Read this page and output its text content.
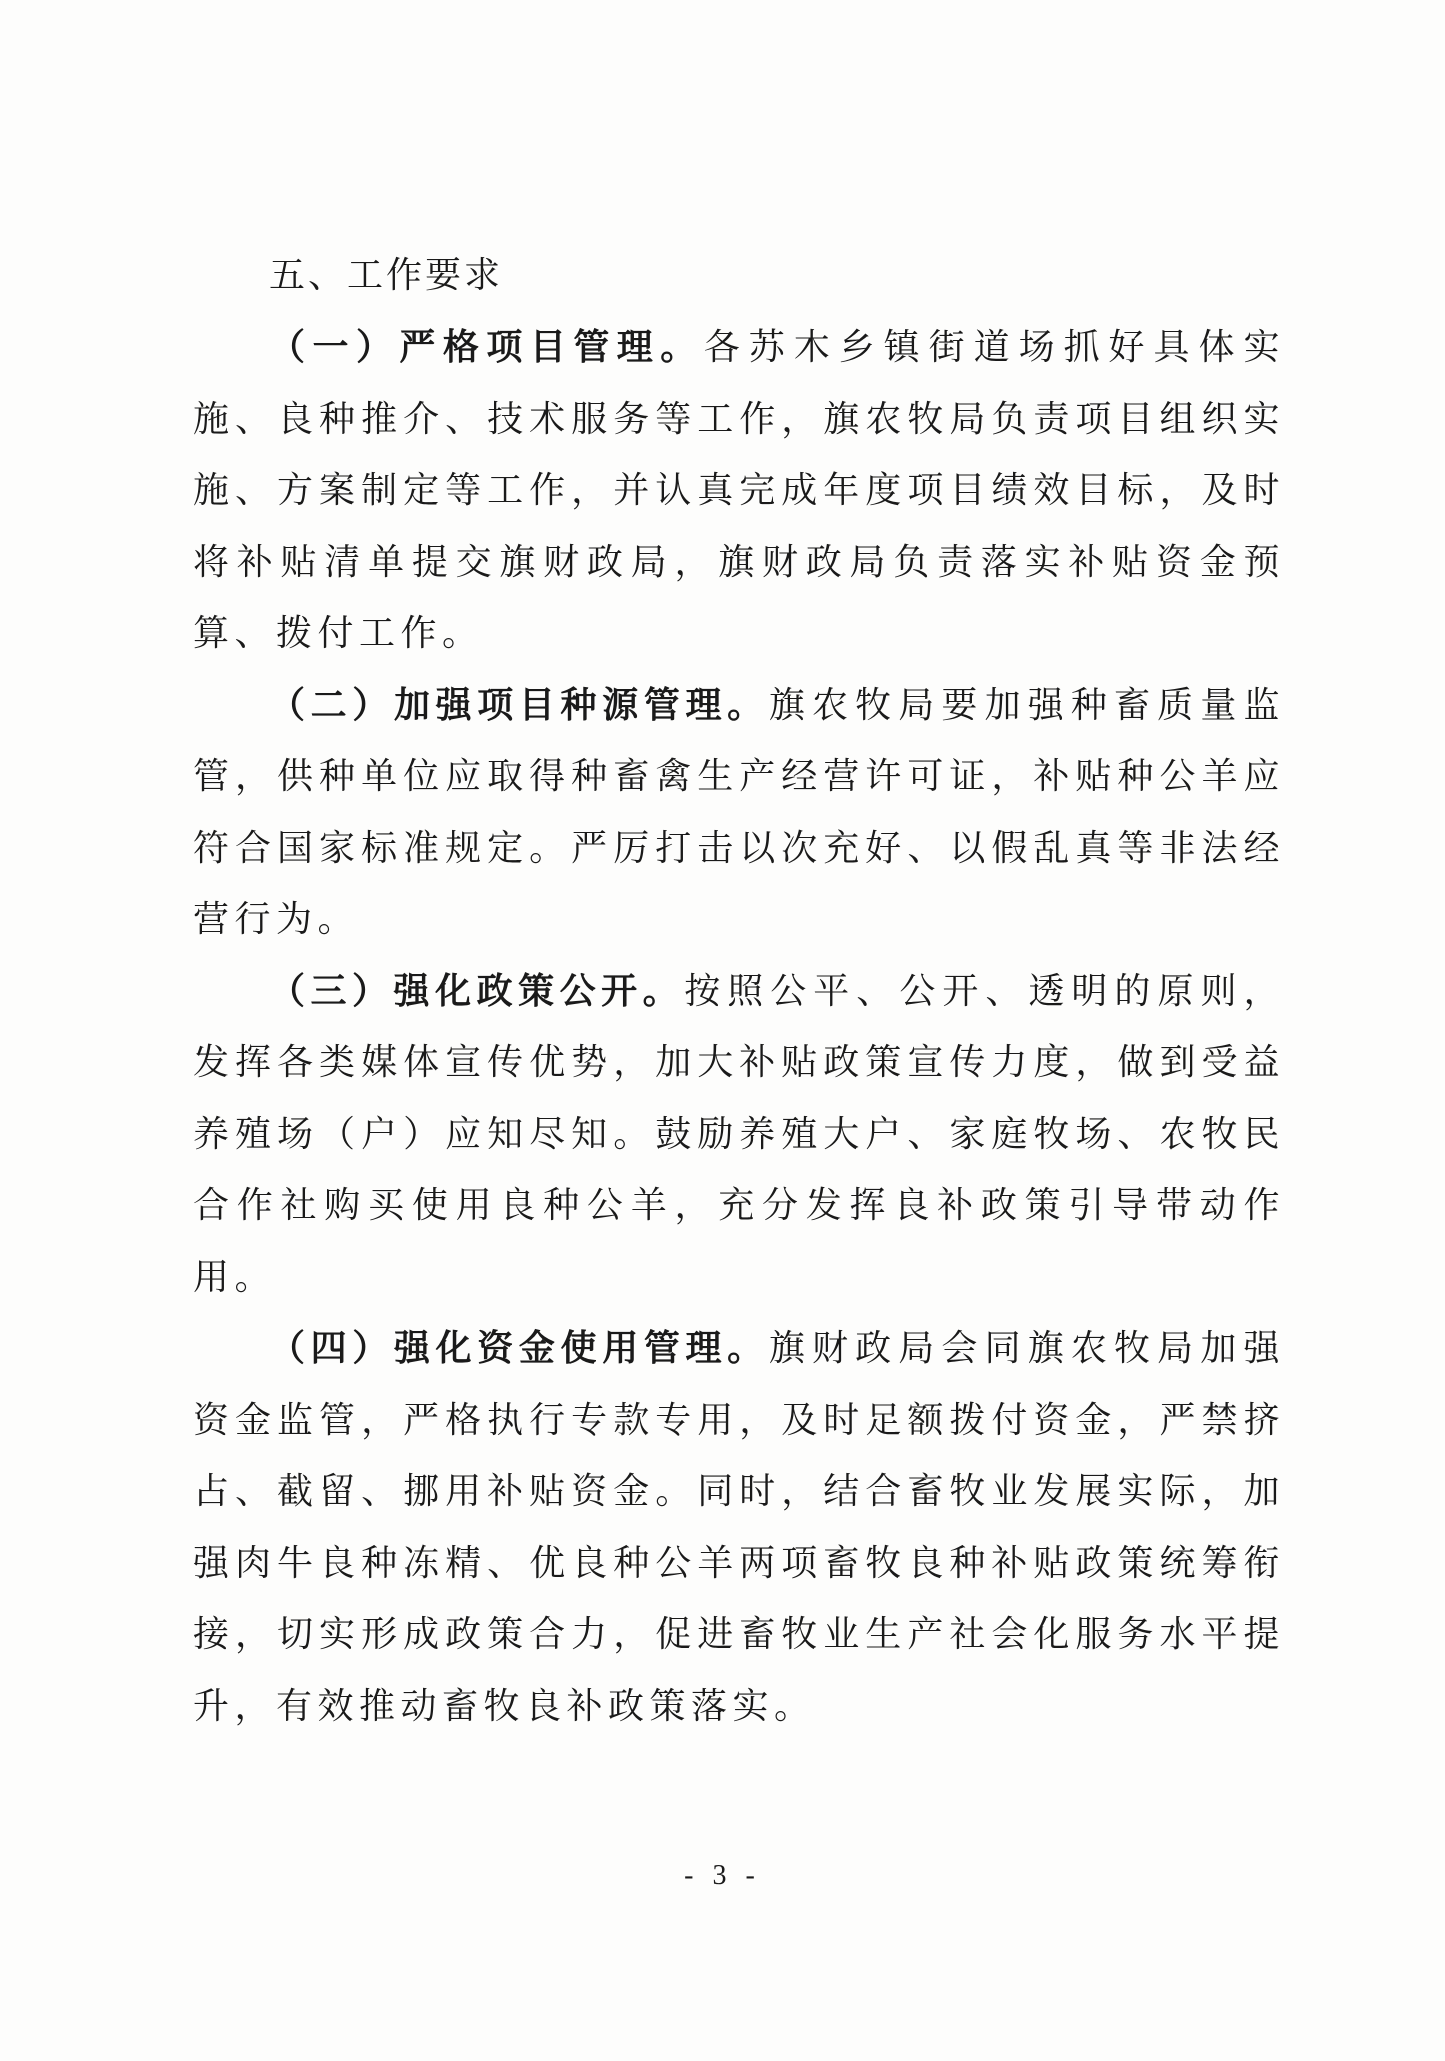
五、工作要求

（一）严格项目管理。各苏木乡镇街道场抓好具体实施、良种推介、技术服务等工作，旗农牧局负责项目组织实施、方案制定等工作，并认真完成年度项目绩效目标，及时将补贴清单提交旗财政局，旗财政局负责落实补贴资金预算、拨付工作。

（二）加强项目种源管理。旗农牧局要加强种畜质量监管，供种单位应取得种畜禽生产经营许可证，补贴种公羊应符合国家标准规定。严厉打击以次充好、以假乱真等非法经营行为。

（三）强化政策公开。按照公平、公开、透明的原则，发挥各类媒体宣传优势，加大补贴政策宣传力度，做到受益养殖场（户）应知尽知。鼓励养殖大户、家庭牧场、农牧民合作社购买使用良种公羊，充分发挥良补政策引导带动作用。

（四）强化资金使用管理。旗财政局会同旗农牧局加强资金监管，严格执行专款专用，及时足额拨付资金，严禁挤占、截留、挪用补贴资金。同时，结合畜牧业发展实际，加强肉牛良种冻精、优良种公羊两项畜牧良种补贴政策统筹衔接，切实形成政策合力，促进畜牧业生产社会化服务水平提升，有效推动畜牧良补政策落实。

- 3 -
